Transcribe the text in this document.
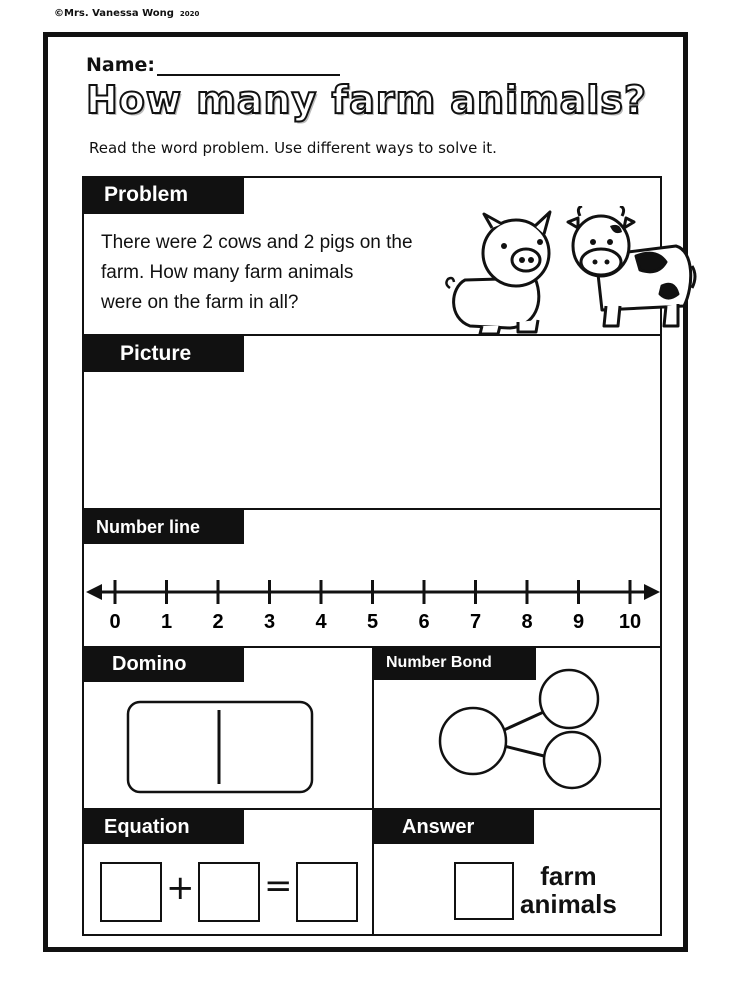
©Mrs. Vanessa Wong 2020
Name:
How many farm animals?
Read the word problem. Use different ways to solve it.
Problem
There were 2 cows and 2 pigs on the
farm. How many farm animals
were on the farm in all?
Picture
Number line
0 1 2 3 4 5 6 7 8 9 10
Domino	Number Bond
Equation
+ =
Answer
farm
animals
